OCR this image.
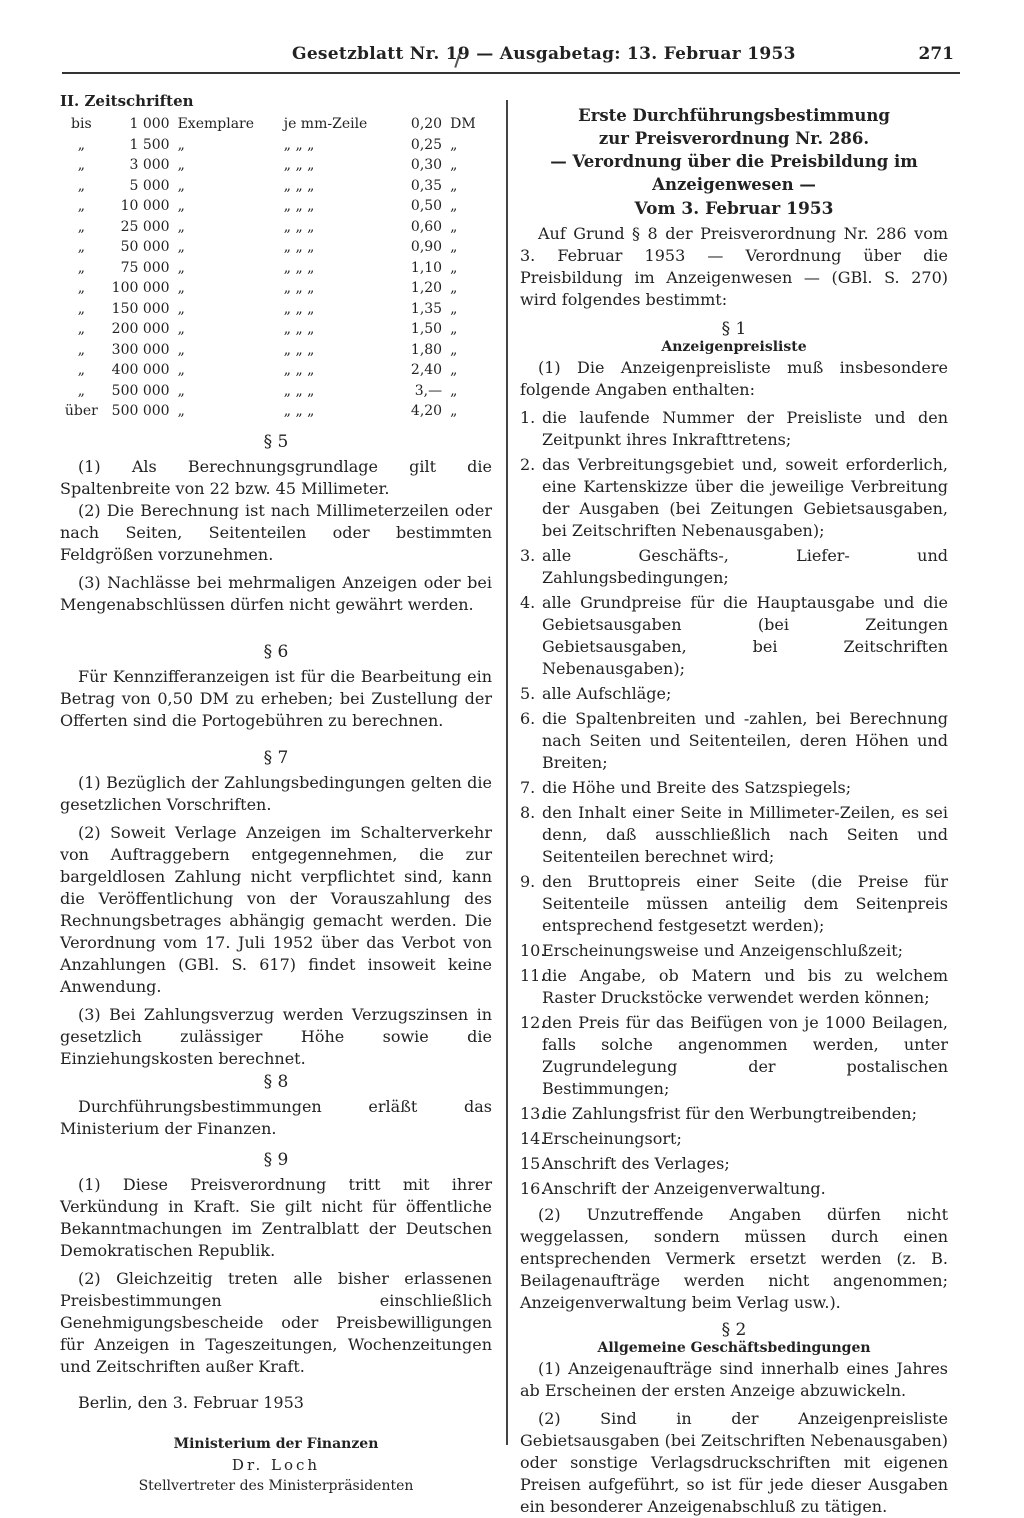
Gesetzblatt Nr. 19 — Ausgabetag: 13. Februar 1953	271
II. Zeitschriften
bis	1 000	Exemplare	je mm-Zeile	0,20	DM
„	1 500	„	„ „ „	0,25	„
„	3 000	„	„ „ „	0,30	„
„	5 000	„	„ „ „	0,35	„
„	10 000	„	„ „ „	0,50	„
„	25 000	„	„ „ „	0,60	„
„	50 000	„	„ „ „	0,90	„
„	75 000	„	„ „ „	1,10	„
„	100 000	„	„ „ „	1,20	„
„	150 000	„	„ „ „	1,35	„
„	200 000	„	„ „ „	1,50	„
„	300 000	„	„ „ „	1,80	„
„	400 000	„	„ „ „	2,40	„
„	500 000	„	„ „ „	3,—	„
über	500 000	„	„ „ „	4,20	„
§ 5

(1) Als Berechnungsgrundlage gilt die Spaltenbreite von 22 bzw. 45 Millimeter.

(2) Die Berechnung ist nach Millimeterzeilen oder nach Seiten, Seitenteilen oder bestimmten Feldgrößen vorzunehmen.

(3) Nachlässe bei mehrmaligen Anzeigen oder bei Mengenabschlüssen dürfen nicht gewährt werden.

§ 6

Für Kennzifferanzeigen ist für die Bearbeitung ein Betrag von 0,50 DM zu erheben; bei Zustellung der Offerten sind die Portogebühren zu berechnen.

§ 7

(1) Bezüglich der Zahlungsbedingungen gelten die gesetzlichen Vorschriften.

(2) Soweit Verlage Anzeigen im Schalterverkehr von Auftraggebern entgegennehmen, die zur bargeldlosen Zahlung nicht verpflichtet sind, kann die Veröffentlichung von der Vorauszahlung des Rechnungsbetrages abhängig gemacht werden. Die Verordnung vom 17. Juli 1952 über das Verbot von Anzahlungen (GBl. S. 617) findet insoweit keine Anwendung.

(3) Bei Zahlungsverzug werden Verzugszinsen in gesetzlich zulässiger Höhe sowie die Einziehungskosten berechnet.

§ 8

Durchführungsbestimmungen erläßt das Ministerium der Finanzen.

§ 9

(1) Diese Preisverordnung tritt mit ihrer Verkündung in Kraft. Sie gilt nicht für öffentliche Bekanntmachungen im Zentralblatt der Deutschen Demokratischen Republik.

(2) Gleichzeitig treten alle bisher erlassenen Preisbestimmungen einschließlich Genehmigungsbescheide oder Preisbewilligungen für Anzeigen in Tageszeitungen, Wochenzeitungen und Zeitschriften außer Kraft.

Berlin, den 3. Februar 1953

Ministerium der Finanzen
Dr. Loch
Stellvertreter des Ministerpräsidenten
Erste Durchführungsbestimmung
zur Preisverordnung Nr. 286.
— Verordnung über die Preisbildung im
Anzeigenwesen —
Vom 3. Februar 1953

Auf Grund § 8 der Preisverordnung Nr. 286 vom 3. Februar 1953 — Verordnung über die Preisbildung im Anzeigenwesen — (GBl. S. 270) wird folgendes bestimmt:

§ 1
Anzeigenpreisliste

(1) Die Anzeigenpreisliste muß insbesondere folgende Angaben enthalten:

1. die laufende Nummer der Preisliste und den Zeitpunkt ihres Inkrafttretens;
2. das Verbreitungsgebiet und, soweit erforderlich, eine Kartenskizze über die jeweilige Verbreitung der Ausgaben (bei Zeitungen Gebietsausgaben, bei Zeitschriften Nebenausgaben);
3. alle Geschäfts-, Liefer- und Zahlungsbedingungen;
4. alle Grundpreise für die Hauptausgabe und die Gebietsausgaben (bei Zeitungen Gebietsausgaben, bei Zeitschriften Nebenausgaben);
5. alle Aufschläge;
6. die Spaltenbreiten und -zahlen, bei Berechnung nach Seiten und Seitenteilen, deren Höhen und Breiten;
7. die Höhe und Breite des Satzspiegels;
8. den Inhalt einer Seite in Millimeter-Zeilen, es sei denn, daß ausschließlich nach Seiten und Seitenteilen berechnet wird;
9. den Bruttopreis einer Seite (die Preise für Seitenteile müssen anteilig dem Seitenpreis entsprechend festgesetzt werden);
10.
Erscheinungsweise und Anzeigenschlußzeit;
11.
die Angabe, ob Matern und bis zu welchem Raster Druckstöcke verwendet werden können;
12.
den Preis für das Beifügen von je 1000 Beilagen, falls solche angenommen werden, unter Zugrundelegung der postalischen Bestimmungen;
13.
die Zahlungsfrist für den Werbungtreibenden;
14.
Erscheinungsort;
15.
Anschrift des Verlages;
16.
Anschrift der Anzeigenverwaltung.

(2) Unzutreffende Angaben dürfen nicht weggelassen, sondern müssen durch einen entsprechenden Vermerk ersetzt werden (z. B. Beilagenaufträge werden nicht angenommen; Anzeigenverwaltung beim Verlag usw.).

§ 2
Allgemeine Geschäftsbedingungen

(1) Anzeigenaufträge sind innerhalb eines Jahres ab Erscheinen der ersten Anzeige abzuwickeln.

(2) Sind in der Anzeigenpreisliste Gebietsausgaben (bei Zeitschriften Nebenausgaben) oder sonstige Verlagsdruckschriften mit eigenen Preisen aufgeführt, so ist für jede dieser Ausgaben ein besonderer Anzeigenabschluß zu tätigen.
